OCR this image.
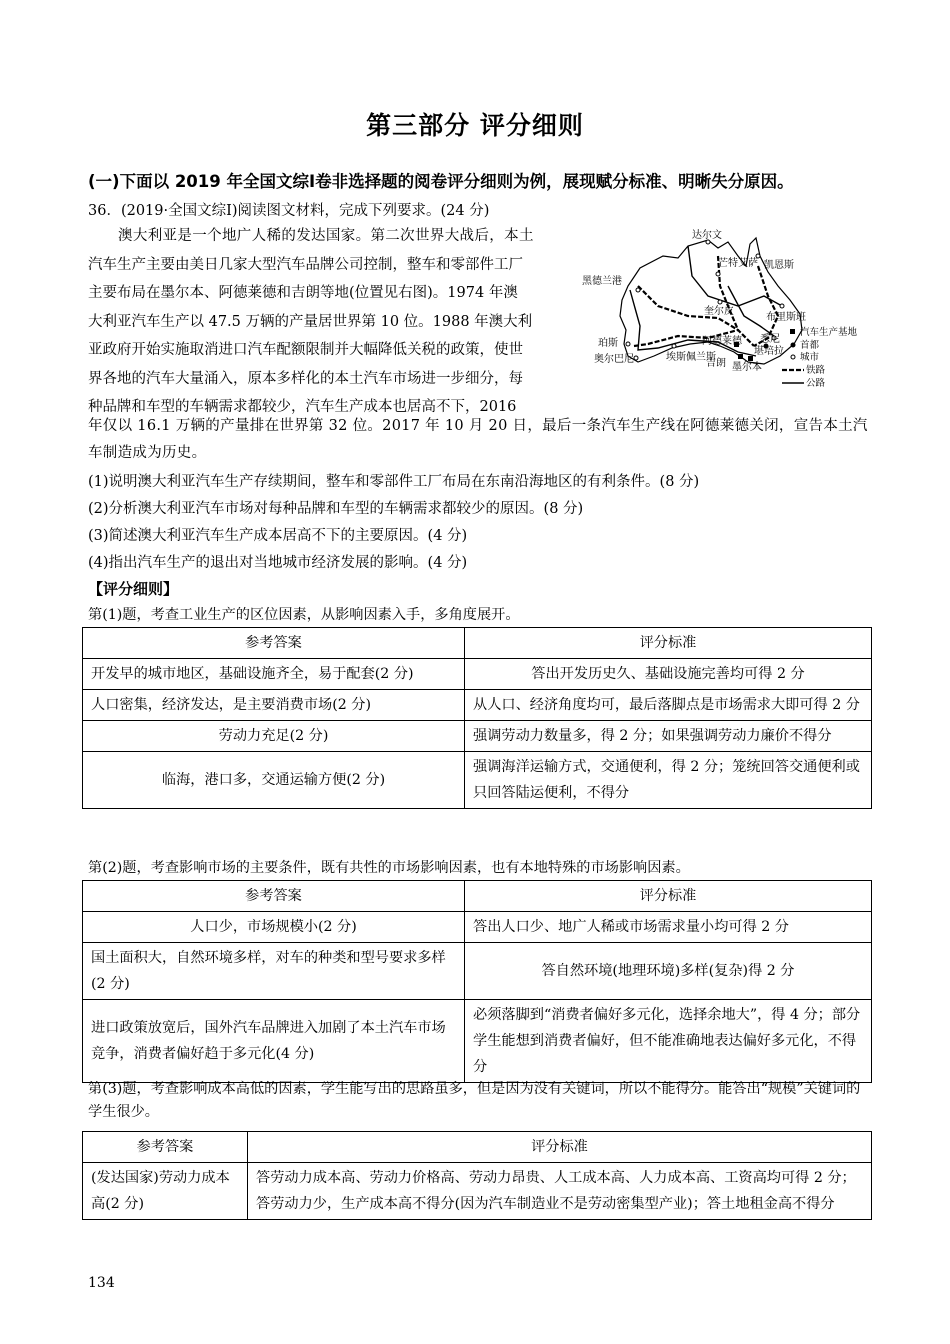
第三部分 评分细则
(一)下面以 2019 年全国文综Ⅰ卷非选择题的阅卷评分细则为例，展现赋分标准、明晰失分原因。
36．(2019·全国文综Ⅰ)阅读图文材料，完成下列要求。(24 分)

澳大利亚是一个地广人稀的发达国家。第二次世界大战后，本土

汽车生产主要由美日几家大型汽车品牌公司控制，整车和零部件工厂
主要布局在墨尔本、阿德莱德和吉朗等地(位置见右图)。1974 年澳
大利亚汽车生产以 47.5 万辆的产量居世界第 10 位。1988 年澳大利
亚政府开始实施取消进口汽车配额限制并大幅降低关税的政策，使世
界各地的汽车大量涌入，原本多样化的本土汽车市场进一步细分，每
种品牌和车型的车辆需求都较少，汽车生产成本也居高不下，2016
年仅以 16.1 万辆的产量排在世界第 32 位。2017 年 10 月 20 日，最后一条汽车生产线在阿德莱德关闭，宣告本土汽车制造成为历史。
达尔文
凯恩斯
黑德兰港
芒特艾萨
奎尔皮
布里斯班
珀斯
奥尔巴尼	埃斯佩兰斯
阿德莱德 悉尼
堪培拉
吉朗 墨尔本
汽车生产基地
首都
城市
铁路
公路
(1)说明澳大利亚汽车生产存续期间，整车和零部件工厂布局在东南沿海地区的有利条件。(8 分)
(2)分析澳大利亚汽车市场对每种品牌和车型的车辆需求都较少的原因。(8 分)
(3)简述澳大利亚汽车生产成本居高不下的主要原因。(4 分)
(4)指出汽车生产的退出对当地城市经济发展的影响。(4 分)
【评分细则】
第(1)题，考查工业生产的区位因素，从影响因素入手，多角度展开。
参考答案	评分标准
开发早的城市地区，基础设施齐全，易于配套(2 分)	答出开发历史久、基础设施完善均可得 2 分
人口密集，经济发达，是主要消费市场(2 分)	从人口、经济角度均可，最后落脚点是市场需求大即可得 2 分
劳动力充足(2 分)	强调劳动力数量多，得 2 分；如果强调劳动力廉价不得分
临海，港口多，交通运输方便(2 分)	强调海洋运输方式，交通便利，得 2 分；笼统回答交通便利或只回答陆运便利，不得分
第(2)题，考查影响市场的主要条件，既有共性的市场影响因素，也有本地特殊的市场影响因素。
参考答案	评分标准
人口少，市场规模小(2 分)	答出人口少、地广人稀或市场需求量小均可得 2 分
国土面积大，自然环境多样，对车的种类和型号要求多样(2 分)	答自然环境(地理环境)多样(复杂)得 2 分
进口政策放宽后，国外汽车品牌进入加剧了本土汽车市场竞争，消费者偏好趋于多元化(4 分)	必须落脚到“消费者偏好多元化，选择余地大”，得 4 分；部分学生能想到消费者偏好，但不能准确地表达偏好多元化，不得分
第(3)题，考查影响成本高低的因素，学生能写出的思路虽多，但是因为没有关键词，所以不能得分。能答出“规模”关键词的学生很少。
参考答案	评分标准
(发达国家)劳动力成本高(2 分)	答劳动力成本高、劳动力价格高、劳动力昂贵、人工成本高、人力成本高、工资高均可得 2 分；答劳动力少，生产成本高不得分(因为汽车制造业不是劳动密集型产业)；答土地租金高不得分
134
